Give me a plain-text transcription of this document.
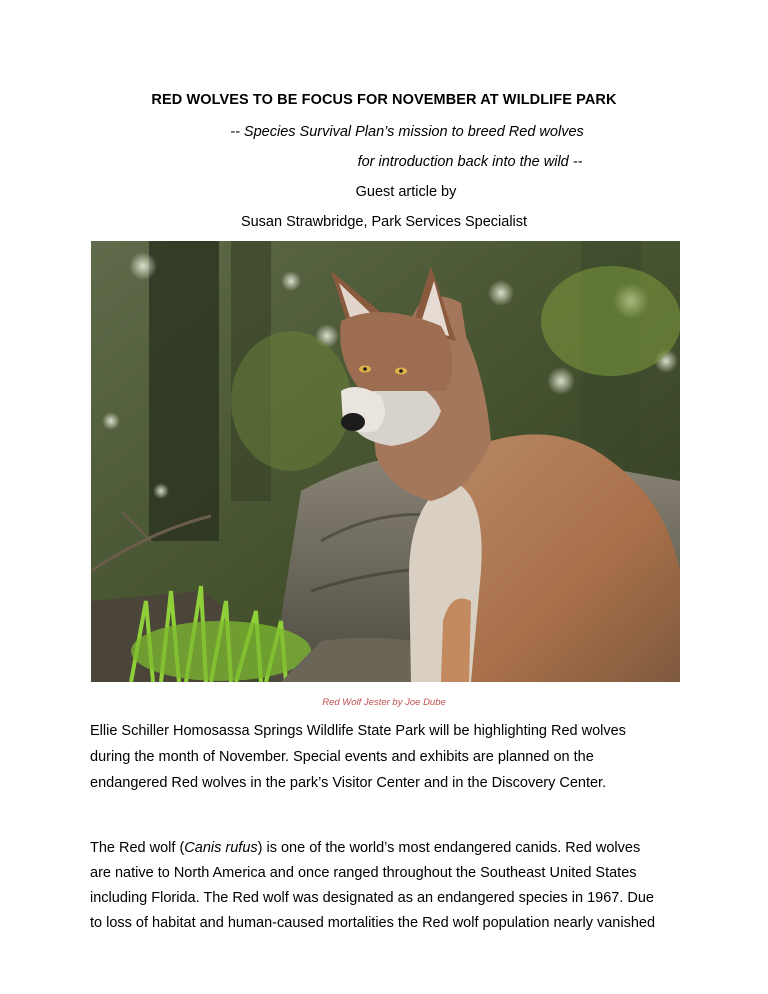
RED WOLVES TO BE FOCUS FOR NOVEMBER AT WILDLIFE PARK
-- Species Survival Plan’s mission to breed Red wolves
for introduction back into the wild --
Guest article by
Susan Strawbridge, Park Services Specialist
Red Wolf Jester by Joe Dube
Ellie Schiller Homosassa Springs Wildlife State Park will be highlighting Red wolves
during the month of November. Special events and exhibits are planned on the
endangered Red wolves in the park’s Visitor Center and in the Discovery Center.
The Red wolf (Canis rufus) is one of the world’s most endangered canids. Red wolves
are native to North America and once ranged throughout the Southeast United States
including Florida. The Red wolf was designated as an endangered species in 1967. Due
to loss of habitat and human-caused mortalities the Red wolf population nearly vanished
